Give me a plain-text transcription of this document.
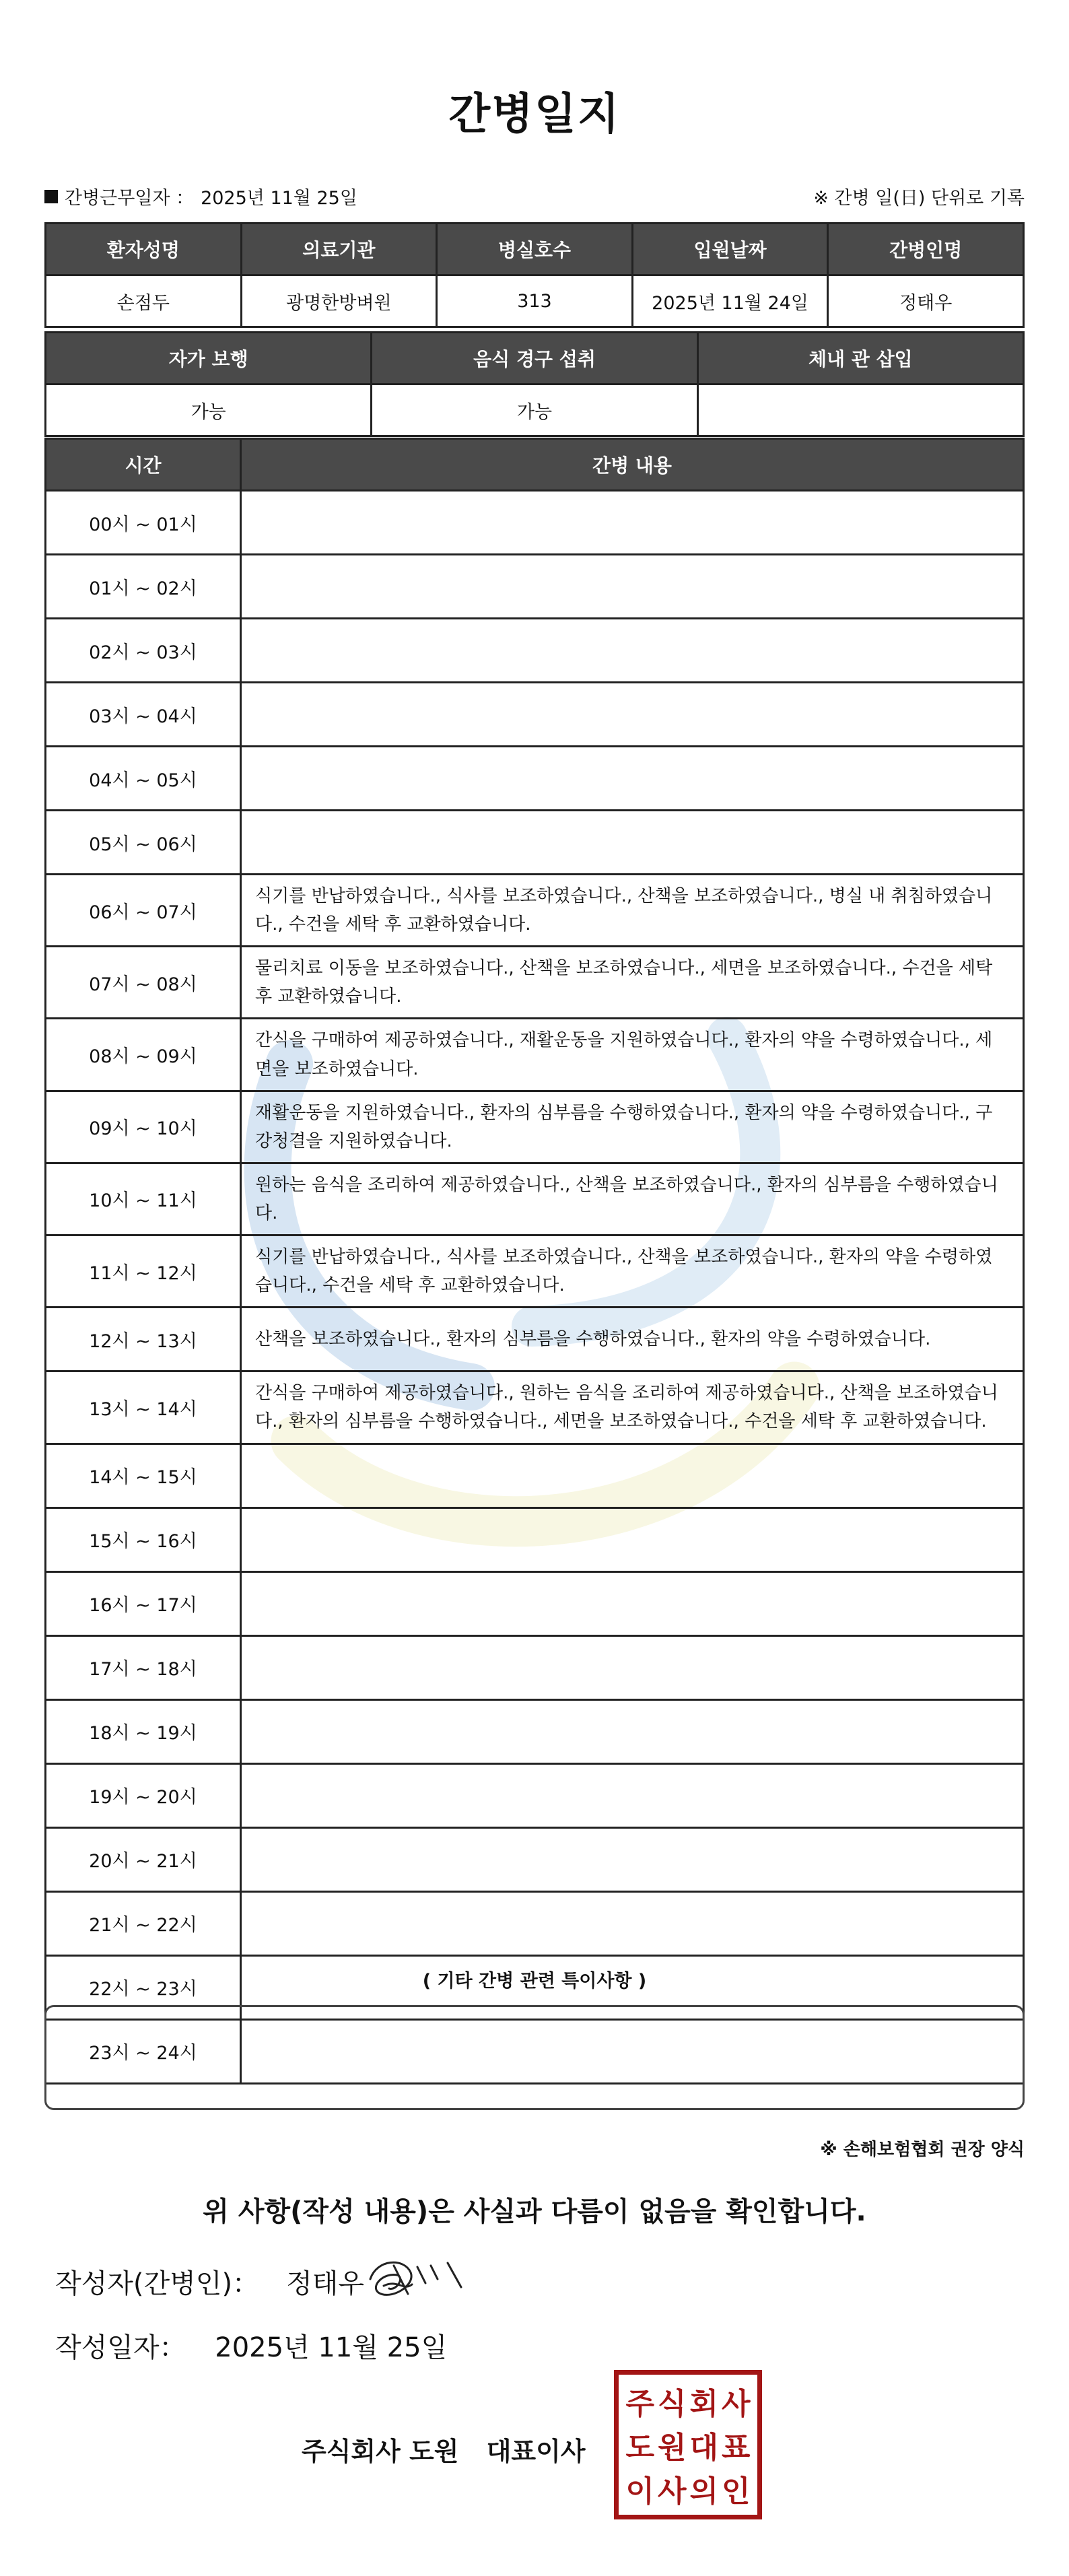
간병일지
간병근무일자 ： 2025년 11월 25일	※ 간병 일(日) 단위로 기록
환자성명	의료기관	병실호수	입원날짜	간병인명
손점두	광명한방벼원	313	2025년 11월 24일	정태우
자가 보행	음식 경구 섭취	체내 관 삽입
가능	가능	
시간	간병 내용
00시 ~ 01시	
01시 ~ 02시	
02시 ~ 03시	
03시 ~ 04시	
04시 ~ 05시	
05시 ~ 06시	
06시 ~ 07시	식기를 반납하였습니다., 식사를 보조하였습니다., 산책을 보조하였습니다., 병실 내 취침하였습니다., 수건을 세탁 후 교환하였습니다.
07시 ~ 08시	물리치료 이동을 보조하였습니다., 산책을 보조하였습니다., 세면을 보조하였습니다., 수건을 세탁 후 교환하였습니다.
08시 ~ 09시	간식을 구매하여 제공하였습니다., 재활운동을 지원하였습니다., 환자의 약을 수령하였습니다., 세면을 보조하였습니다.
09시 ~ 10시	재활운동을 지원하였습니다., 환자의 심부름을 수행하였습니다., 환자의 약을 수령하였습니다., 구강청결을 지원하였습니다.
10시 ~ 11시	원하는 음식을 조리하여 제공하였습니다., 산책을 보조하였습니다., 환자의 심부름을 수행하였습니다.
11시 ~ 12시	식기를 반납하였습니다., 식사를 보조하였습니다., 산책을 보조하였습니다., 환자의 약을 수령하였습니다., 수건을 세탁 후 교환하였습니다.
12시 ~ 13시	산책을 보조하였습니다., 환자의 심부름을 수행하였습니다., 환자의 약을 수령하였습니다.
13시 ~ 14시	간식을 구매하여 제공하였습니다., 원하는 음식을 조리하여 제공하였습니다., 산책을 보조하였습니다., 환자의 심부름을 수행하였습니다., 세면을 보조하였습니다., 수건을 세탁 후 교환하였습니다.
14시 ~ 15시	
15시 ~ 16시	
16시 ~ 17시	
17시 ~ 18시	
18시 ~ 19시	
19시 ~ 20시	
20시 ~ 21시	
21시 ~ 22시	
22시 ~ 23시	
23시 ~ 24시	
( 기타 간병 관련 특이사항 )
※ 손해보험협회 권장 양식
위 사항(작성 내용)은 사실과 다름이 없음을 확인합니다.
작성자(간병인)： 정태우
작성일자： 2025년 11월 25일
주식회사 도원 대표이사
주 식 회 사
도 원 대 표
이 사 의 인
